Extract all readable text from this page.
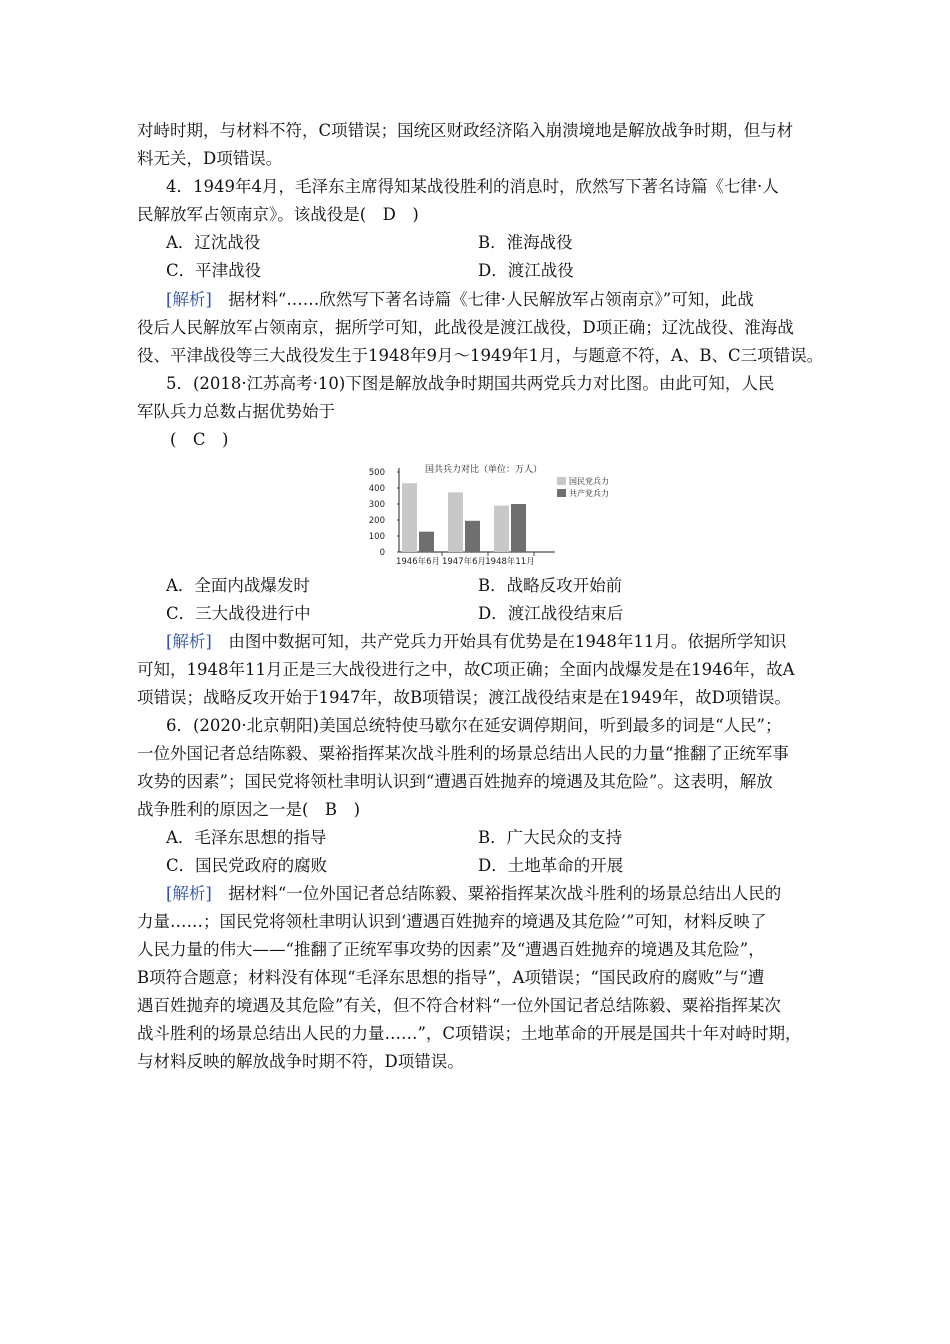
对峙时期，与材料不符，C项错误；国统区财政经济陷入崩溃境地是解放战争时期，但与材
料无关，D项错误。
4．1949年4月，毛泽东主席得知某战役胜利的消息时，欣然写下著名诗篇《七律·人
民解放军占领南京》。该战役是(　D　)
A．辽沈战役	B．淮海战役
C．平津战役	D．渡江战役
[解析]　 据材料“……欣然写下著名诗篇《七律·人民解放军占领南京》”可知，此战
役后人民解放军占领南京，据所学可知，此战役是渡江战役，D项正确；辽沈战役、淮海战
役、平津战役等三大战役发生于1948年9月～1949年1月，与题意不符，A、B、C三项错误。
5．(2018·江苏高考·10)下图是解放战争时期国共两党兵力对比图。由此可知，人民
军队兵力总数占据优势始于
(　C　)
500
400
300
200
100
0
国共兵力对比（单位：万人）
1946年6月 1947年6月 1948年11月
国民党兵力
共产党兵力
A．全面内战爆发时	B．战略反攻开始前
C．三大战役进行中	D．渡江战役结束后
[解析]　 由图中数据可知，共产党兵力开始具有优势是在1948年11月。依据所学知识
可知，1948年11月正是三大战役进行之中，故C项正确；全面内战爆发是在1946年，故A
项错误；战略反攻开始于1947年，故B项错误；渡江战役结束是在1949年，故D项错误。
6．(2020·北京朝阳)美国总统特使马歇尔在延安调停期间，听到最多的词是“人民”；
一位外国记者总结陈毅、粟裕指挥某次战斗胜利的场景总结出人民的力量“推翻了正统军事
攻势的因素”；国民党将领杜聿明认识到“遭遇百姓抛弃的境遇及其危险”。这表明，解放
战争胜利的原因之一是(　B　)
A．毛泽东思想的指导	B．广大民众的支持
C．国民党政府的腐败	D．土地革命的开展
[解析]　 据材料“一位外国记者总结陈毅、粟裕指挥某次战斗胜利的场景总结出人民的
力量……；国民党将领杜聿明认识到‘遭遇百姓抛弃的境遇及其危险’”可知，材料反映了
人民力量的伟大——“推翻了正统军事攻势的因素”及“遭遇百姓抛弃的境遇及其危险”，
B项符合题意；材料没有体现“毛泽东思想的指导”，A项错误；“国民政府的腐败”与“遭
遇百姓抛弃的境遇及其危险”有关，但不符合材料“一位外国记者总结陈毅、粟裕指挥某次
战斗胜利的场景总结出人民的力量……”，C项错误；土地革命的开展是国共十年对峙时期，
与材料反映的解放战争时期不符，D项错误。
